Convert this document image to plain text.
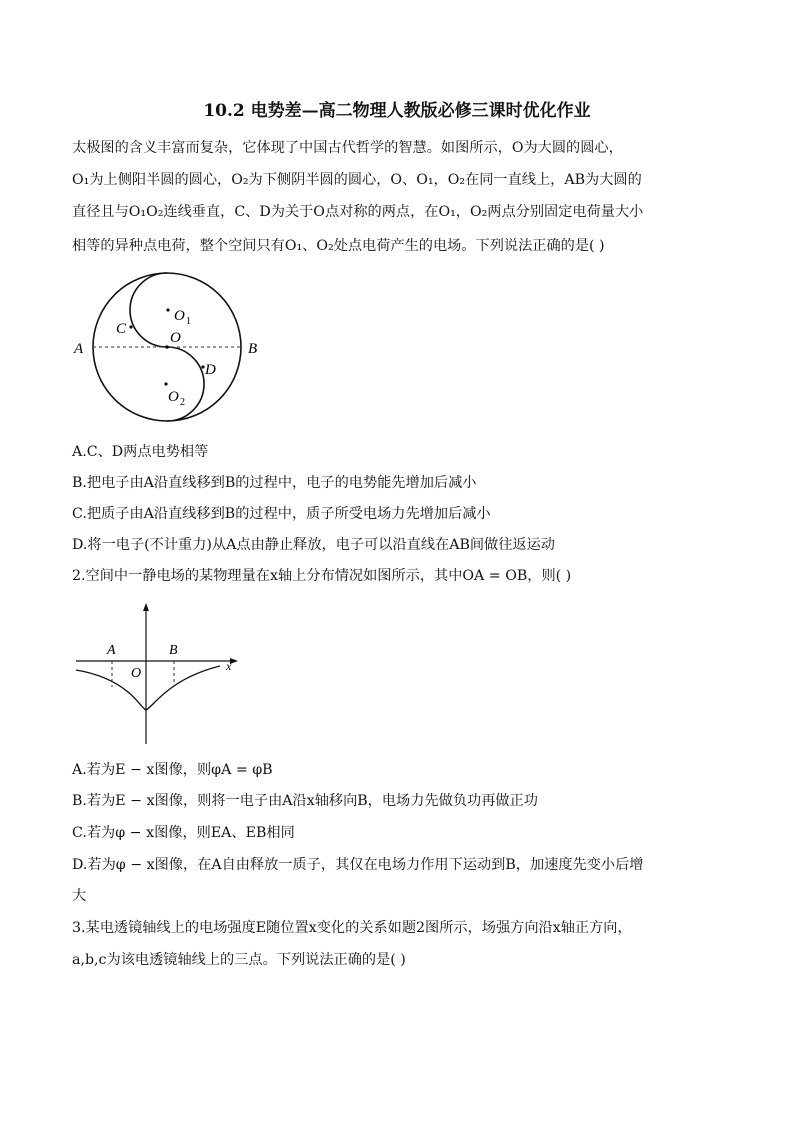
10.2 电势差—高二物理人教版必修三课时优化作业
太极图的含义丰富而复杂，它体现了中国古代哲学的智慧。如图所示，O为大圆的圆心，
O₁为上侧阳半圆的圆心，O₂为下侧阴半圆的圆心，O、O₁，O₂在同一直线上，AB为大圆的
直径且与O₁O₂连线垂直，C、D为关于O点对称的两点，在O₁，O₂两点分别固定电荷量大小
相等的异种点电荷，整个空间只有O₁、O₂处点电荷产生的电场。下列说法正确的是( )
A	B
C
D
O
O 1
O 2
A.C、D两点电势相等
B.把电子由A沿直线移到B的过程中，电子的电势能先增加后减小
C.把质子由A沿直线移到B的过程中，质子所受电场力先增加后减小
D.将一电子(不计重力)从A点由静止释放，电子可以沿直线在AB间做往返运动
2.空间中一静电场的某物理量在x轴上分布情况如图所示，其中OA = OB，则( )
A	B
O	x
A.若为E − x图像，则φA = φB
B.若为E − x图像，则将一电子由A沿x轴移向B，电场力先做负功再做正功
C.若为φ − x图像，则EA、EB相同
D.若为φ − x图像，在A自由释放一质子，其仅在电场力作用下运动到B，加速度先变小后增
大
3.某电透镜轴线上的电场强度E随位置x变化的关系如题2图所示，场强方向沿x轴正方向，
a,b,c为该电透镜轴线上的三点。下列说法正确的是( )
